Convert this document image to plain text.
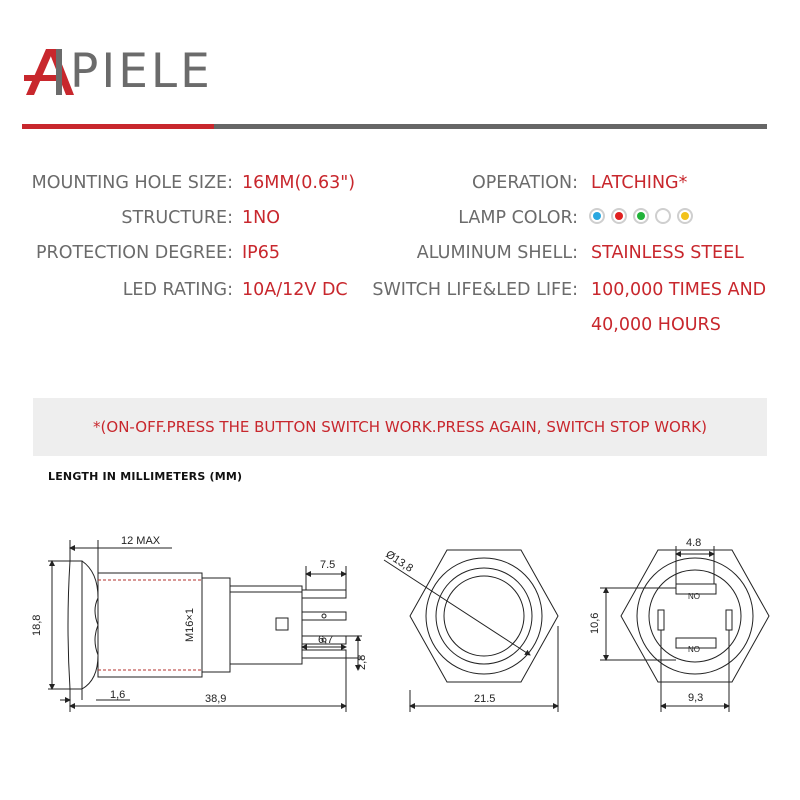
PIELE
MOUNTING HOLE SIZE: 16MM(0.63")
STRUCTURE: 1NO
PROTECTION DEGREE: IP65
LED RATING: 10A/12V DC
OPERATION: LATCHING*
LAMP COLOR:
ALUMINUM SHELL: STAINLESS STEEL
SWITCH LIFE&LED LIFE: 100,000 TIMES AND
40,000 HOURS
*(ON-OFF.PRESS THE BUTTON SWITCH WORK.PRESS AGAIN, SWITCH STOP WORK)
LENGTH IN MILLIMETERS (MM)
12 MAX
7.5
18,8	M16×1	6,7
2,8
1,6	38,9
Ø13,8
21.5
4.8
10,6
9,3
NO
NO
